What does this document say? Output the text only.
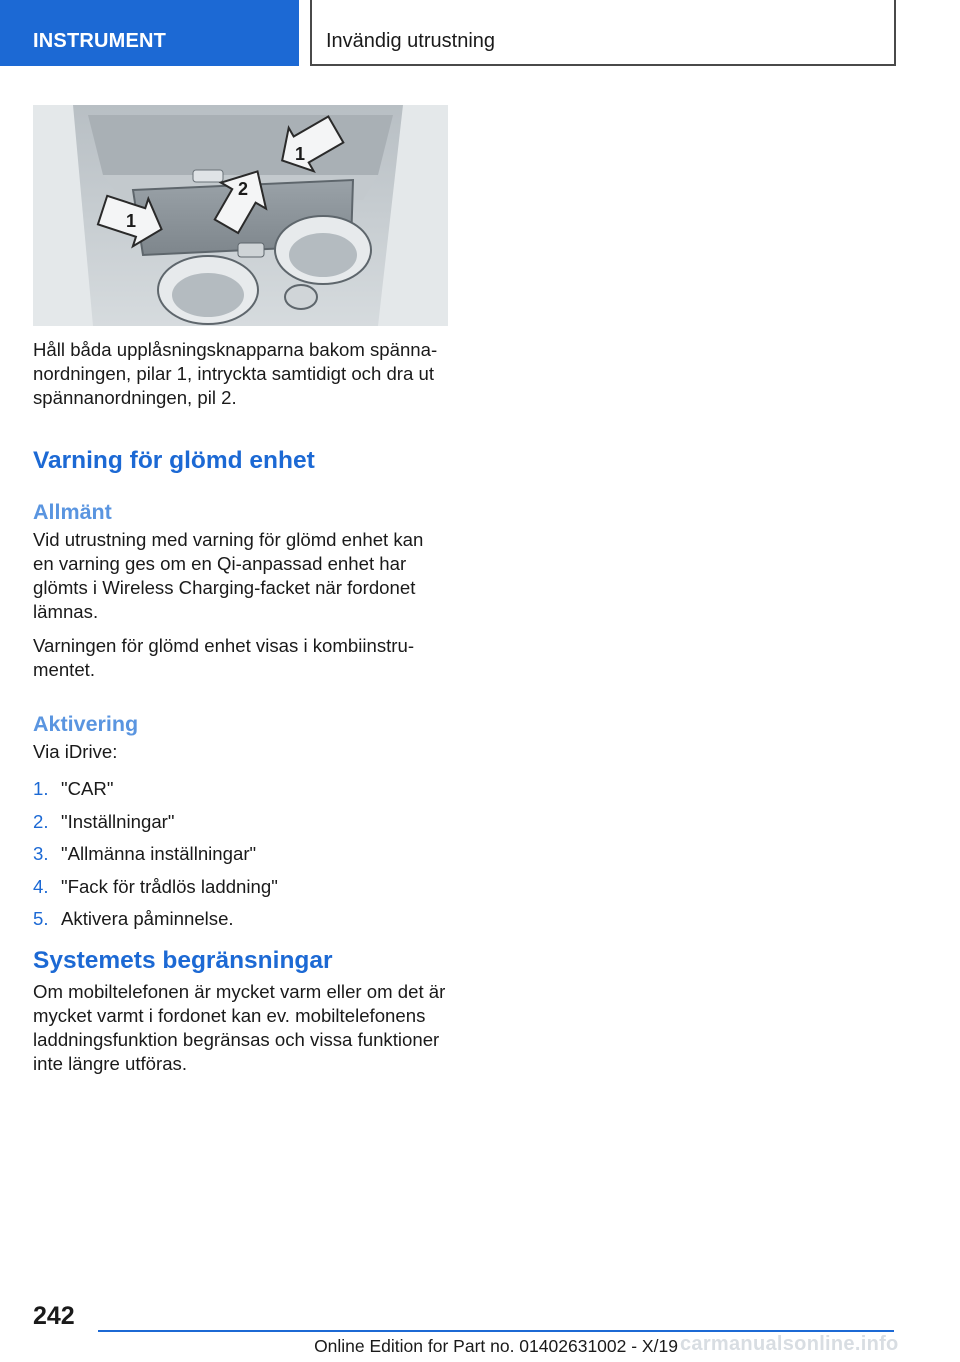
INSTRUMENT	Invändig utrustning
1
2
1

Håll båda upplåsningsknapparna bakom spännanordningen, pilar 1, intryckta samtidigt och dra ut spännanordningen, pil 2.

Varning för glömd enhet
Allmänt

Vid utrustning med varning för glömd enhet kan en varning ges om en Qi-anpassad enhet har glömts i Wireless Charging-facket när fordonet lämnas.

Varningen för glömd enhet visas i kombiinstrumentet.

Aktivering

Via iDrive:

1. "CAR"
2. "Inställningar"
3. "Allmänna inställningar"
4. "Fack för trådlös laddning"
5. Aktivera påminnelse.
Systemets begränsningar

Om mobiltelefonen är mycket varm eller om det är mycket varmt i fordonet kan ev. mobiltelefonens laddningsfunktion begränsas och vissa funktioner inte längre utföras.

242
carmanualsonline.info
Online Edition for Part no. 01402631002 - X/19
